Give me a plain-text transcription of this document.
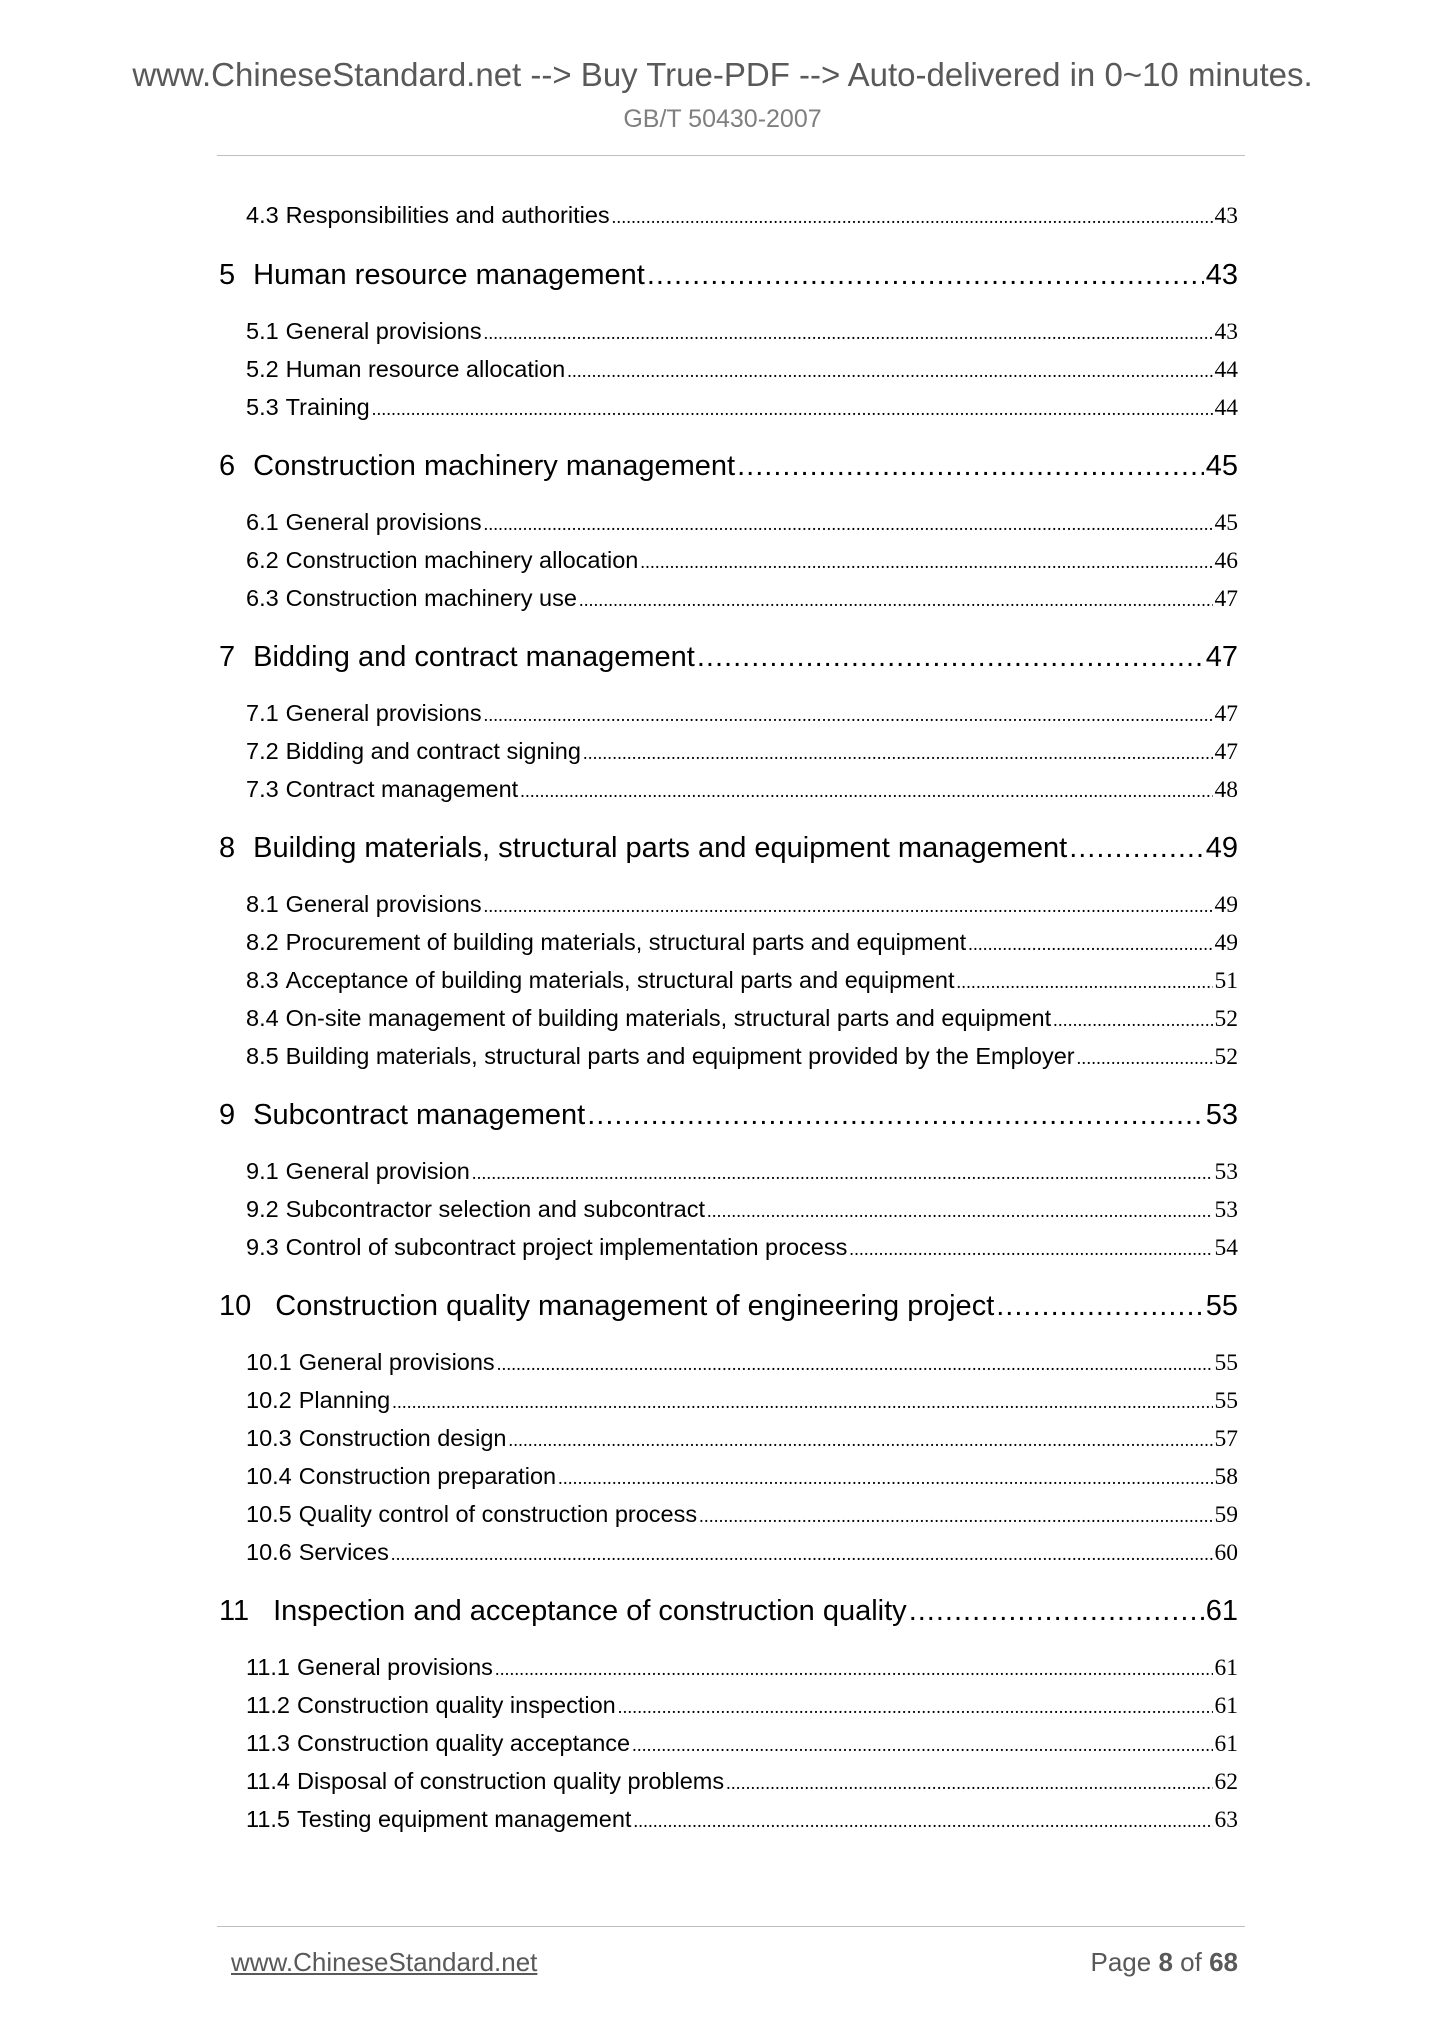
www.ChineseStandard.net --> Buy True-PDF --> Auto-delivered in 0~10 minutes.
GB/T 50430-2007
4.3 Responsibilities and authorities .....	43
5 Human resource management .....	43
5.1 General provisions .....	43
5.2 Human resource allocation .....	44
5.3 Training .....	44
6 Construction machinery management .....	45
6.1 General provisions .....	45
6.2 Construction machinery allocation .....	46
6.3 Construction machinery use .....	47
7 Bidding and contract management .....	47
7.1 General provisions .....	47
7.2 Bidding and contract signing .....	47
7.3 Contract management .....	48
8 Building materials, structural parts and equipment management .....	49
8.1 General provisions .....	49
8.2 Procurement of building materials, structural parts and equipment .....	49
8.3 Acceptance of building materials, structural parts and equipment .....	51
8.4 On-site management of building materials, structural parts and equipment .....	52
8.5 Building materials, structural parts and equipment provided by the Employer .....	52
9 Subcontract management .....	53
9.1 General provision .....	53
9.2 Subcontractor selection and subcontract .....	53
9.3 Control of subcontract project implementation process .....	54
10 Construction quality management of engineering project .....	55
10.1 General provisions .....	55
10.2 Planning .....	55
10.3 Construction design .....	57
10.4 Construction preparation .....	58
10.5 Quality control of construction process .....	59
10.6 Services .....	60
11 Inspection and acceptance of construction quality .....	61
11.1 General provisions .....	61
11.2 Construction quality inspection .....	61
11.3 Construction quality acceptance .....	61
11.4 Disposal of construction quality problems .....	62
11.5 Testing equipment management .....	63
www.ChineseStandard.net	Page 8 of 68
